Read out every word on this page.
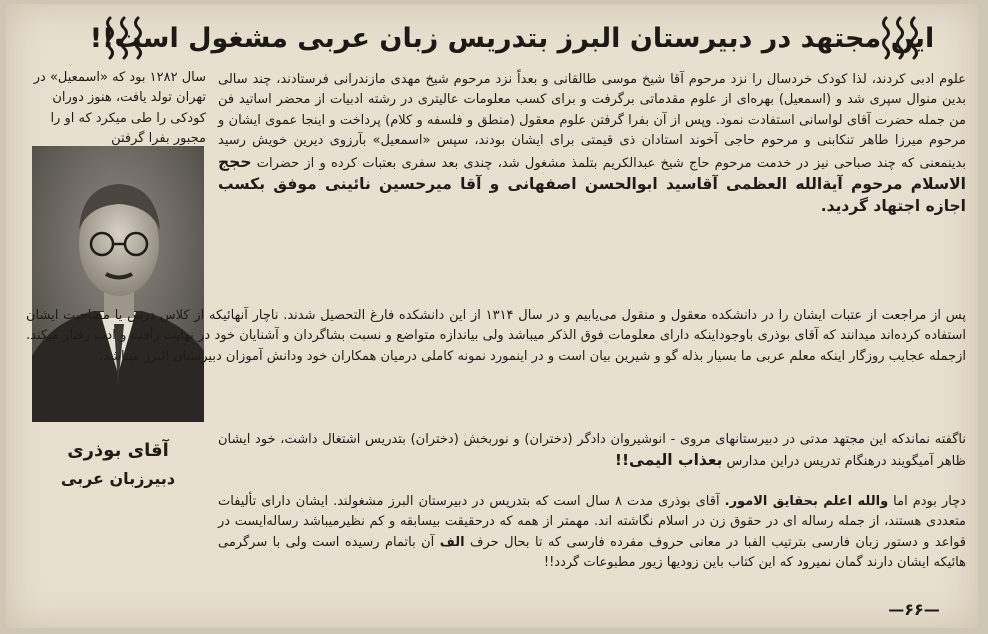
این مجتهد در دبیرستان البرز بتدریس زبان عربی مشغول است!!
سال ۱۲۸۲ بود که «اسمعیل» در تهران تولد یافت، هنوز دوران کودکی را طی میکرد که او را مجبور بفرا گرفتن

علوم ادبی کردند، لذا کودک خردسال را نزد مرحوم آقا شیخ موسی طالقانی و بعداً نزد مرحوم شیخ مهدی مازندرانی فرستادند، چند سالی بدین منوال سپری شد و (اسمعیل) بهره‌ای از علوم مقدماتی برگرفت و برای کسب معلومات عالیتری در رشته ادبیات از محضر اساتید فن من جمله حضرت آقای لواسانی استفادت نمود. وپس از آن بفرا گرفتن علوم معقول (منطق و فلسفه و کلام) پرداخت و اینجا عموی ایشان و مرحوم میرزا طاهر تنکابنی و مرحوم حاجی آخوند استادان ذی قیمتی برای ایشان بودند، سپس «اسمعیل» بآرزوی دیرین خویش رسید بدینمعنی که چند صباحی نیز در خدمت مرحوم حاج شیخ عبدالکریم بتلمذ مشغول شد، چندی بعد سفری بعتبات کرده و از حضرات حجج الاسلام مرحوم آیةالله العظمی آقاسید ابوالحسن اصفهانی و آقا میرحسین نائینی موفق بکسب اجازه اجتهاد گردید.

پس از مراجعت از عتبات ایشان را در دانشکده معقول و منقول می‌یابیم و در سال ۱۳۱۴ از این دانشکده فارغ التحصیل شدند. ناچار آنهائیکه از کلاس درس یا مصاحبت ایشان استفاده کرده‌اند میدانند که آقای بوذری باوجوداینکه دارای معلومات فوق الذکر میباشد ولی بیاندازه متواضع و نسبت بشاگردان و آشنایان خود در نهایت رأفت و ادب رفتار میکند. ازجمله عجایب روزگار اینکه معلم عربی ما بسیار بذله گو و شیرین بیان است و در اینمورد نمونه کاملی درمیان همکاران خود ودانش آموزان دبیرستان البرز میباشد.

ناگفته نماندکه این مجتهد مدتی در دبیرستانهای مروی - انوشیروان دادگر (دختران) و نوربخش (دختران) بتدریس اشتغال داشت، خود ایشان ظاهر آمیگویند درهنگام تدریس دراین مدارس بعذاب الیمی!!

آقای بوذری
دبیرزبان عربی

دچار بودم اما والله اعلم بحقایق الامور. آقای بوذری مدت ۸ سال است که بتدریس در دبیرستان البرز مشغولند. ایشان دارای تألیفات متعددی هستند، از جمله رساله ای در حقوق زن در اسلام نگاشته اند. مهمتر از همه که درحقیقت بیسابقه و کم نظیرمیباشد رساله‌ایست در قواعد و دستور زبان فارسی بترتیب الفبا در معانی حروف مفرده فارسی که تا بحال حرف الف آن باتمام رسیده است ولی با سرگرمی هائیکه ایشان دارند گمان نمیرود که این کتاب باین زودیها زیور مطبوعات گردد!!

—۶۶—
